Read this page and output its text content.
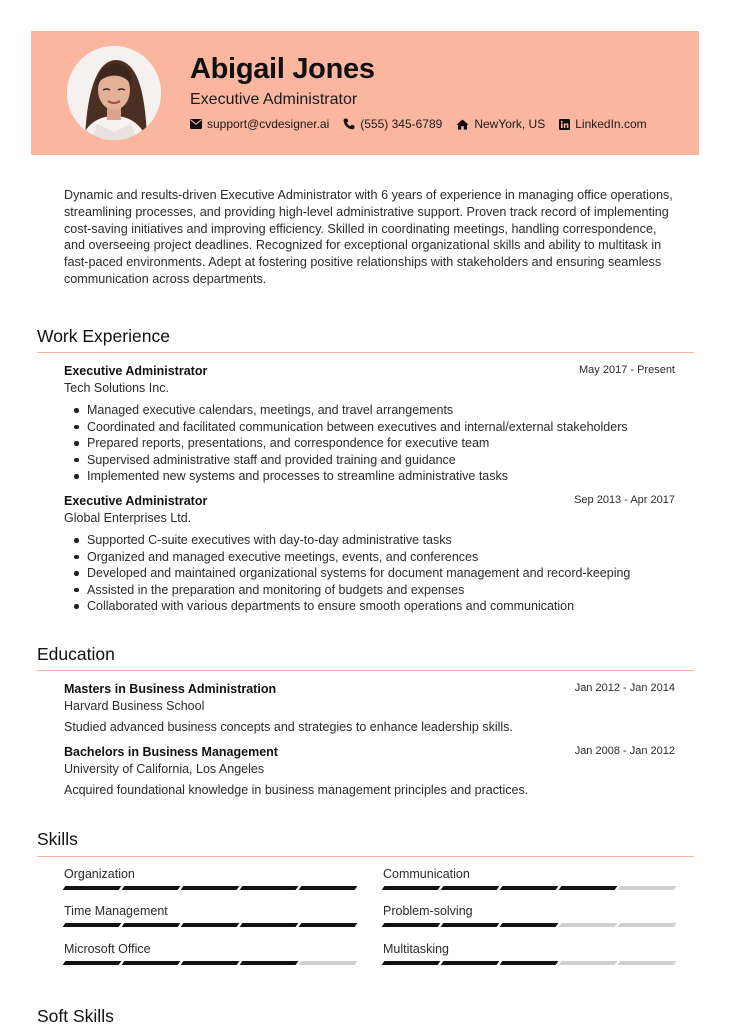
Abigail Jones
Executive Administrator
support@cvdesigner.ai	(555) 345-6789	NewYork, US	LinkedIn.com
Dynamic and results-driven Executive Administrator with 6 years of experience in managing office operations, streamlining processes, and providing high-level administrative support. Proven track record of implementing cost-saving initiatives and improving efficiency. Skilled in coordinating meetings, handling correspondence, and overseeing project deadlines. Recognized for exceptional organizational skills and ability to multitask in fast-paced environments. Adept at fostering positive relationships with stakeholders and ensuring seamless communication across departments.
Work Experience
Executive Administrator	May 2017 - Present
Tech Solutions Inc.
Managed executive calendars, meetings, and travel arrangements
Coordinated and facilitated communication between executives and internal/external stakeholders
Prepared reports, presentations, and correspondence for executive team
Supervised administrative staff and provided training and guidance
Implemented new systems and processes to streamline administrative tasks
Executive Administrator	Sep 2013 - Apr 2017
Global Enterprises Ltd.
Supported C-suite executives with day-to-day administrative tasks
Organized and managed executive meetings, events, and conferences
Developed and maintained organizational systems for document management and record-keeping
Assisted in the preparation and monitoring of budgets and expenses
Collaborated with various departments to ensure smooth operations and communication
Education
Masters in Business Administration	Jan 2012 - Jan 2014
Harvard Business School
Studied advanced business concepts and strategies to enhance leadership skills.
Bachelors in Business Management	Jan 2008 - Jan 2012
University of California, Los Angeles
Acquired foundational knowledge in business management principles and practices.
Skills
Organization	Communication
Time Management	Problem-solving
Microsoft Office	Multitasking
Soft Skills
